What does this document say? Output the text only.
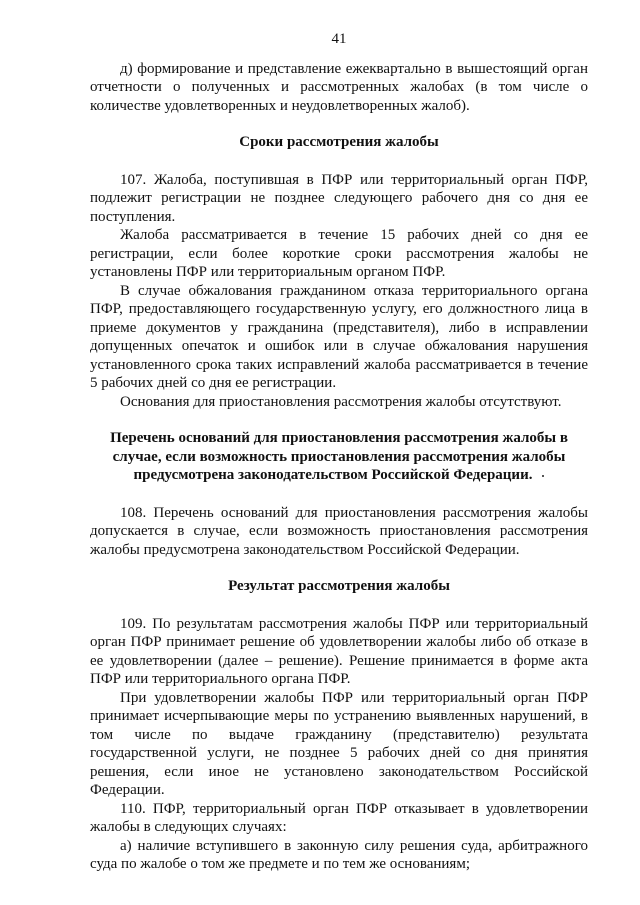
41

д) формирование и представление ежеквартально в вышестоящий орган отчетности о полученных и рассмотренных жалобах (в том числе о количестве удовлетворенных и неудовлетворенных жалоб).

Сроки рассмотрения жалобы

107. Жалоба, поступившая в ПФР или территориальный орган ПФР, подлежит регистрации не позднее следующего рабочего дня со дня ее поступления.

Жалоба рассматривается в течение 15 рабочих дней со дня ее регистрации, если более короткие сроки рассмотрения жалобы не установлены ПФР или территориальным органом ПФР.

В случае обжалования гражданином отказа территориального органа ПФР, предоставляющего государственную услугу, его должностного лица в приеме документов у гражданина (представителя), либо в исправлении допущенных опечаток и ошибок или в случае обжалования нарушения установленного срока таких исправлений жалоба рассматривается в течение 5 рабочих дней со дня ее регистрации.

Основания для приостановления рассмотрения жалобы отсутствуют.

Перечень оснований для приостановления рассмотрения жалобы в случае, если возможность приостановления рассмотрения жалобы предусмотрена законодательством Российской Федерации.

108. Перечень оснований для приостановления рассмотрения жалобы допускается в случае, если возможность приостановления рассмотрения жалобы предусмотрена законодательством Российской Федерации.

Результат рассмотрения жалобы

109. По результатам рассмотрения жалобы ПФР или территориальный орган ПФР принимает решение об удовлетворении жалобы либо об отказе в ее удовлетворении (далее – решение). Решение принимается в форме акта ПФР или территориального органа ПФР.

При удовлетворении жалобы ПФР или территориальный орган ПФР принимает исчерпывающие меры по устранению выявленных нарушений, в том числе по выдаче гражданину (представителю) результата государственной услуги, не позднее 5 рабочих дней со дня принятия решения, если иное не установлено законодательством Российской Федерации.

110. ПФР, территориальный орган ПФР отказывает в удовлетворении жалобы в следующих случаях:

а) наличие вступившего в законную силу решения суда, арбитражного суда по жалобе о том же предмете и по тем же основаниям;
